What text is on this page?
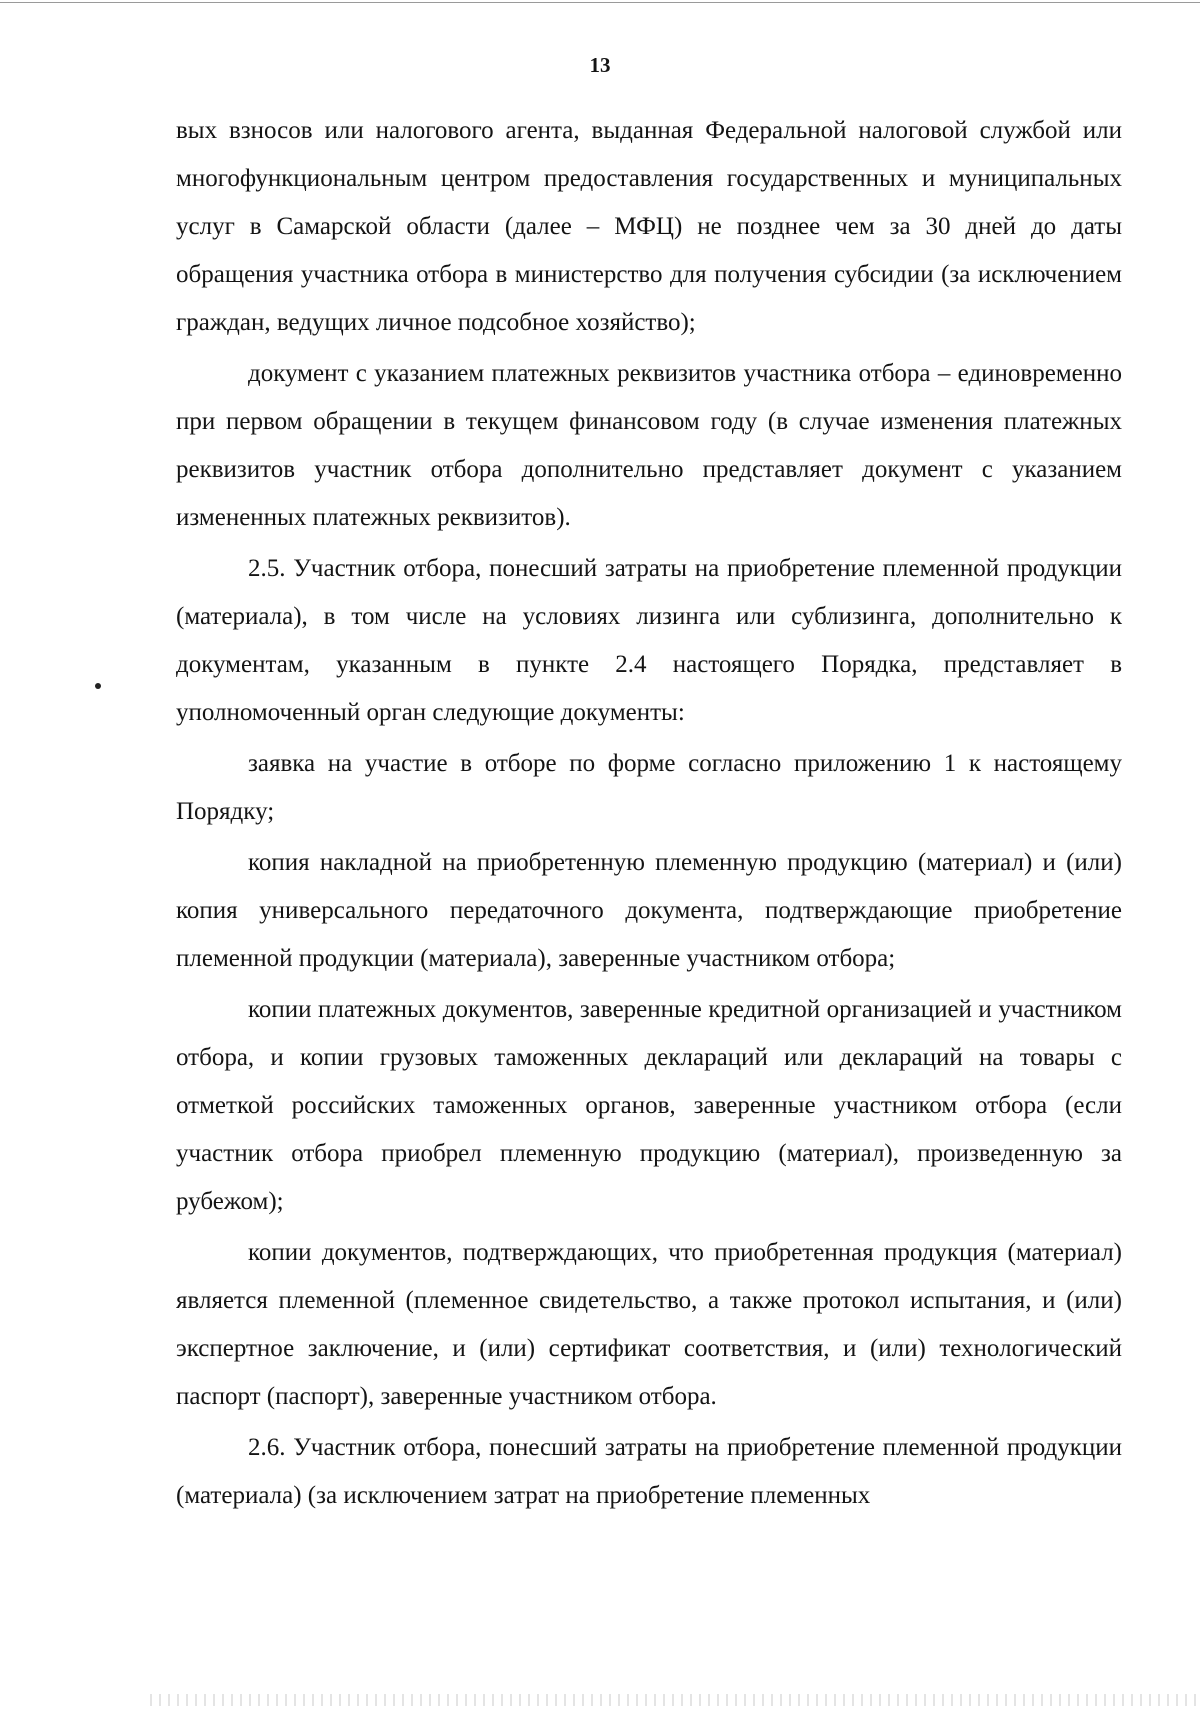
13

вых взносов или налогового агента, выданная Федеральной налоговой службой или многофункциональным центром предоставления государственных и муниципальных услуг в Самарской области (далее – МФЦ) не позднее чем за 30 дней до даты обращения участника отбора в министерство для получения субсидии (за исключением граждан, ведущих личное подсобное хозяйство);

документ с указанием платежных реквизитов участника отбора – единовременно при первом обращении в текущем финансовом году (в случае изменения платежных реквизитов участник отбора дополнительно представляет документ с указанием измененных платежных реквизитов).

2.5. Участник отбора, понесший затраты на приобретение племенной продукции (материала), в том числе на условиях лизинга или сублизинга, дополнительно к документам, указанным в пункте 2.4 настоящего Порядка, представляет в уполномоченный орган следующие документы:

заявка на участие в отборе по форме согласно приложению 1 к настоящему Порядку;

копия накладной на приобретенную племенную продукцию (материал) и (или) копия универсального передаточного документа, подтверждающие приобретение племенной продукции (материала), заверенные участником отбора;

копии платежных документов, заверенные кредитной организацией и участником отбора, и копии грузовых таможенных деклараций или деклараций на товары с отметкой российских таможенных органов, заверенные участником отбора (если участник отбора приобрел племенную продукцию (материал), произведенную за рубежом);

копии документов, подтверждающих, что приобретенная продукция (материал) является племенной (племенное свидетельство, а также протокол испытания, и (или) экспертное заключение, и (или) сертификат соответствия, и (или) технологический паспорт (паспорт), заверенные участником отбора.

2.6. Участник отбора, понесший затраты на приобретение племенной продукции (материала) (за исключением затрат на приобретение племенных
